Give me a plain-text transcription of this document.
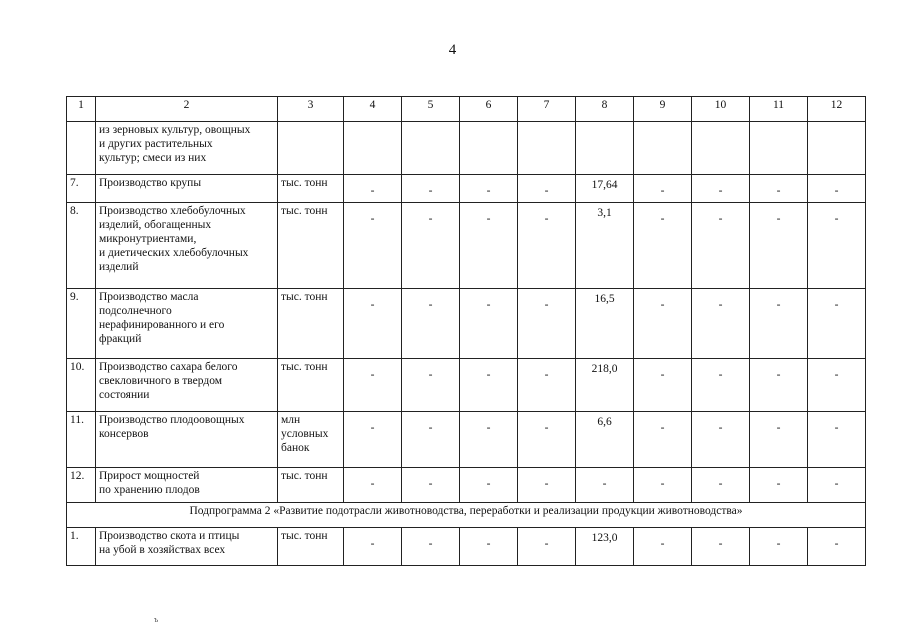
4
1	2	3	4	5	6	7	8	9	10	11	12
	из зерновых культур, овощных
и других растительных
культур; смеси из них										
7.	Производство крупы	тыс. тонн	-	-	-	-	17,64	-	-	-	-
8.	Производство хлебобулочных
изделий, обогащенных
микронутриентами,
и диетических хлебобулочных
изделий	тыс. тонн	-	-	-	-	3,1	-	-	-	-
9.	Производство масла
подсолнечного
нерафинированного и его
фракций	тыс. тонн	-	-	-	-	16,5	-	-	-	-
10.	Производство сахара белого
свекловичного в твердом
состоянии	тыс. тонн	-	-	-	-	218,0	-	-	-	-
11.	Производство плодоовощных
консервов	млн
условных
банок	-	-	-	-	6,6	-	-	-	-
12.	Прирост мощностей
по хранению плодов	тыс. тонн	-	-	-	-	-	-	-	-	-
Подпрограмма 2 «Развитие подотрасли животноводства, переработки и реализации продукции животноводства»											
1.	Производство скота и птицы
на убой в хозяйствах всех	тыс. тонн	-	-	-	-	123,0	-	-	-	-
ъ
